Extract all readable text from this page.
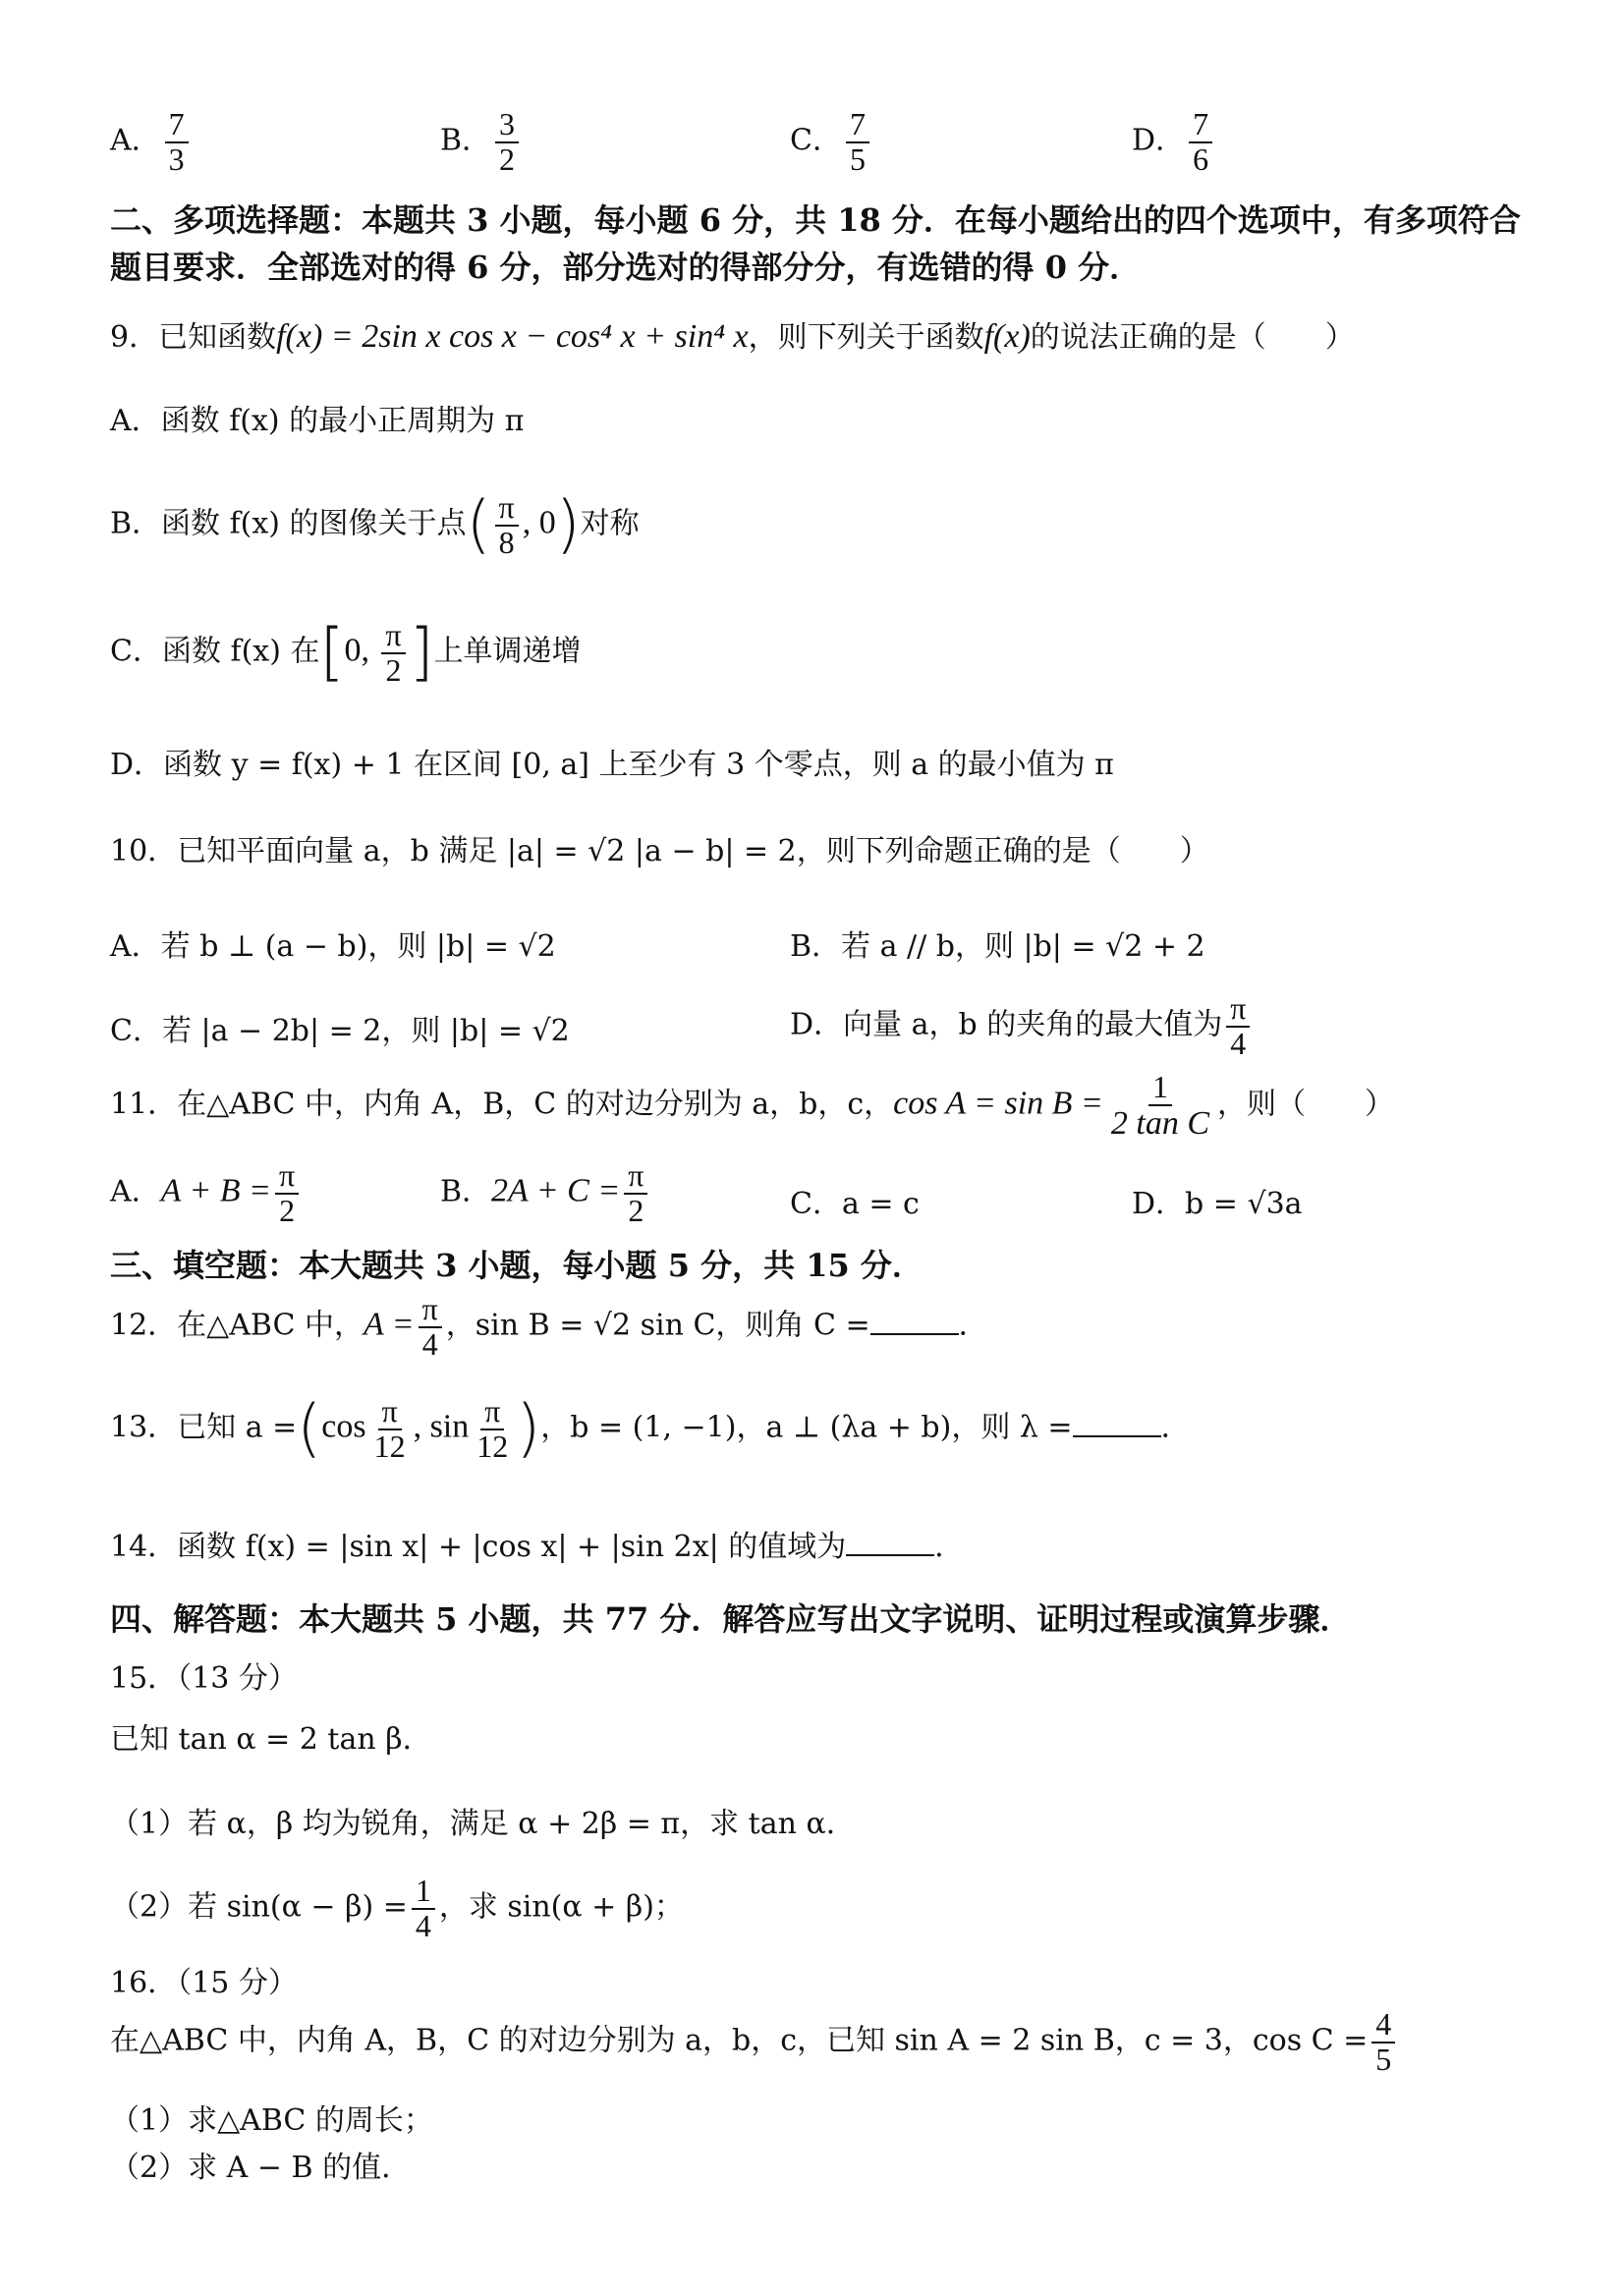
A． $\frac{7}{3}$	B． $\frac{3}{2}$	C． $\frac{7}{5}$	D． $\frac{7}{6}$
二、多项选择题：本题共 3 小题，每小题 6 分，共 18 分．在每小题给出的四个选项中，有多项符合题目要求．全部选对的得 6 分，部分选对的得部分分，有选错的得 0 分．
9．已知函数f(x) = 2sin x cos x − cos⁴ x + sin⁴ x，则下列关于函数f(x)的说法正确的是（　　）
A．函数 f(x) 的最小正周期为 π
B．函数 f(x) 的图像关于点( $\frac{\pi}{8}$ , 0)对称
C．函数 f(x) 在[0, $\frac{\pi}{2}$ ]上单调递增
D．函数 y = f(x) + 1 在区间 [0, a] 上至少有 3 个零点，则 a 的最小值为 π
10．已知平面向量 a，b 满足 |a| = √2 |a − b| = 2，则下列命题正确的是（　　）
A．若 b ⊥ (a − b)，则 |b| = √2	B．若 a // b，则 |b| = √2 + 2
C．若 |a − 2b| = 2，则 |b| = √2	D．向量 a，b 的夹角的最大值为 $\frac{\pi}{4}$
11．在△ABC 中，内角 A，B，C 的对边分别为 a，b，c，$\cos A = \sin B = \frac{1}{\text{2 tan C}}$ ，则（　　）
A．$A + B = \frac{\pi}{2}$	B．$2A + C = \frac{\pi}{2}$	C．a = c	D．b = √3a
三、填空题：本大题共 3 小题，每小题 5 分，共 15 分．
12．在△ABC 中，$A = \frac{\pi}{4}$ ，sin B = √2 sin C，则角 C =	．
13．已知 $a =(\cos \frac{\pi}{12}$ , $\sin \frac{\pi}{12}$ )，b = (1, −1)，a ⊥ (λa + b)，则 λ =	．
14．函数 f(x) = |sin x| + |cos x| + |sin 2x| 的值域为	．
四、解答题：本大题共 5 小题，共 77 分．解答应写出文字说明、证明过程或演算步骤．
15．（13 分）
已知 tan α = 2 tan β．
（1）若 α，β 均为锐角，满足 α + 2β = π，求 tan α．
（2）若 $\sin(\alpha - \beta) = \frac{1}{4}$ ，求 sin(α + β)；
16．（15 分）
在△ABC 中，内角 A，B，C 的对边分别为 a，b，c，已知 sin A = 2 sin B，c = 3，$\cos C = \frac{4}{5}$
（1）求△ABC 的周长；
（2）求 A − B 的值．
